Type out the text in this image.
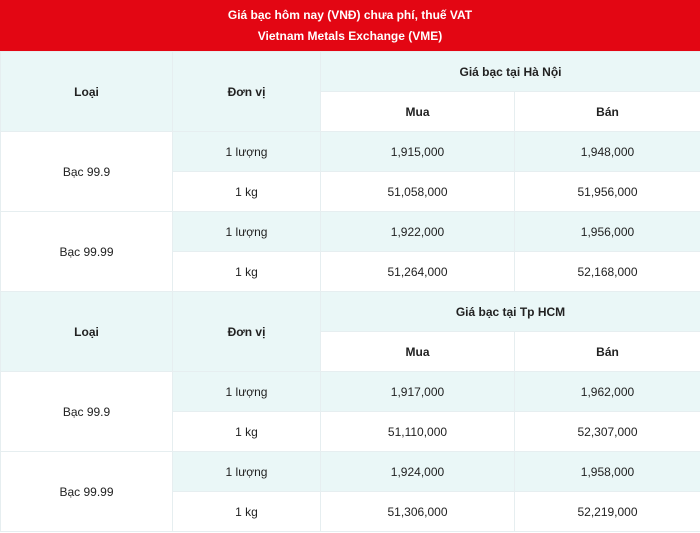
Giá bạc hôm nay (VNĐ) chưa phí, thuế VAT
Vietnam Metals Exchange (VME)
Loại	Đơn vị	Giá bạc tại Hà Nội	
		Mua	Bán
Bạc 99.9	1 lượng	1,915,000	1,948,000
	1 kg	51,058,000	51,956,000
Bạc 99.99	1 lượng	1,922,000	1,956,000
	1 kg	51,264,000	52,168,000
Loại	Đơn vị	Giá bạc tại Tp HCM	
		Mua	Bán
Bạc 99.9	1 lượng	1,917,000	1,962,000
	1 kg	51,110,000	52,307,000
Bạc 99.99	1 lượng	1,924,000	1,958,000
	1 kg	51,306,000	52,219,000
